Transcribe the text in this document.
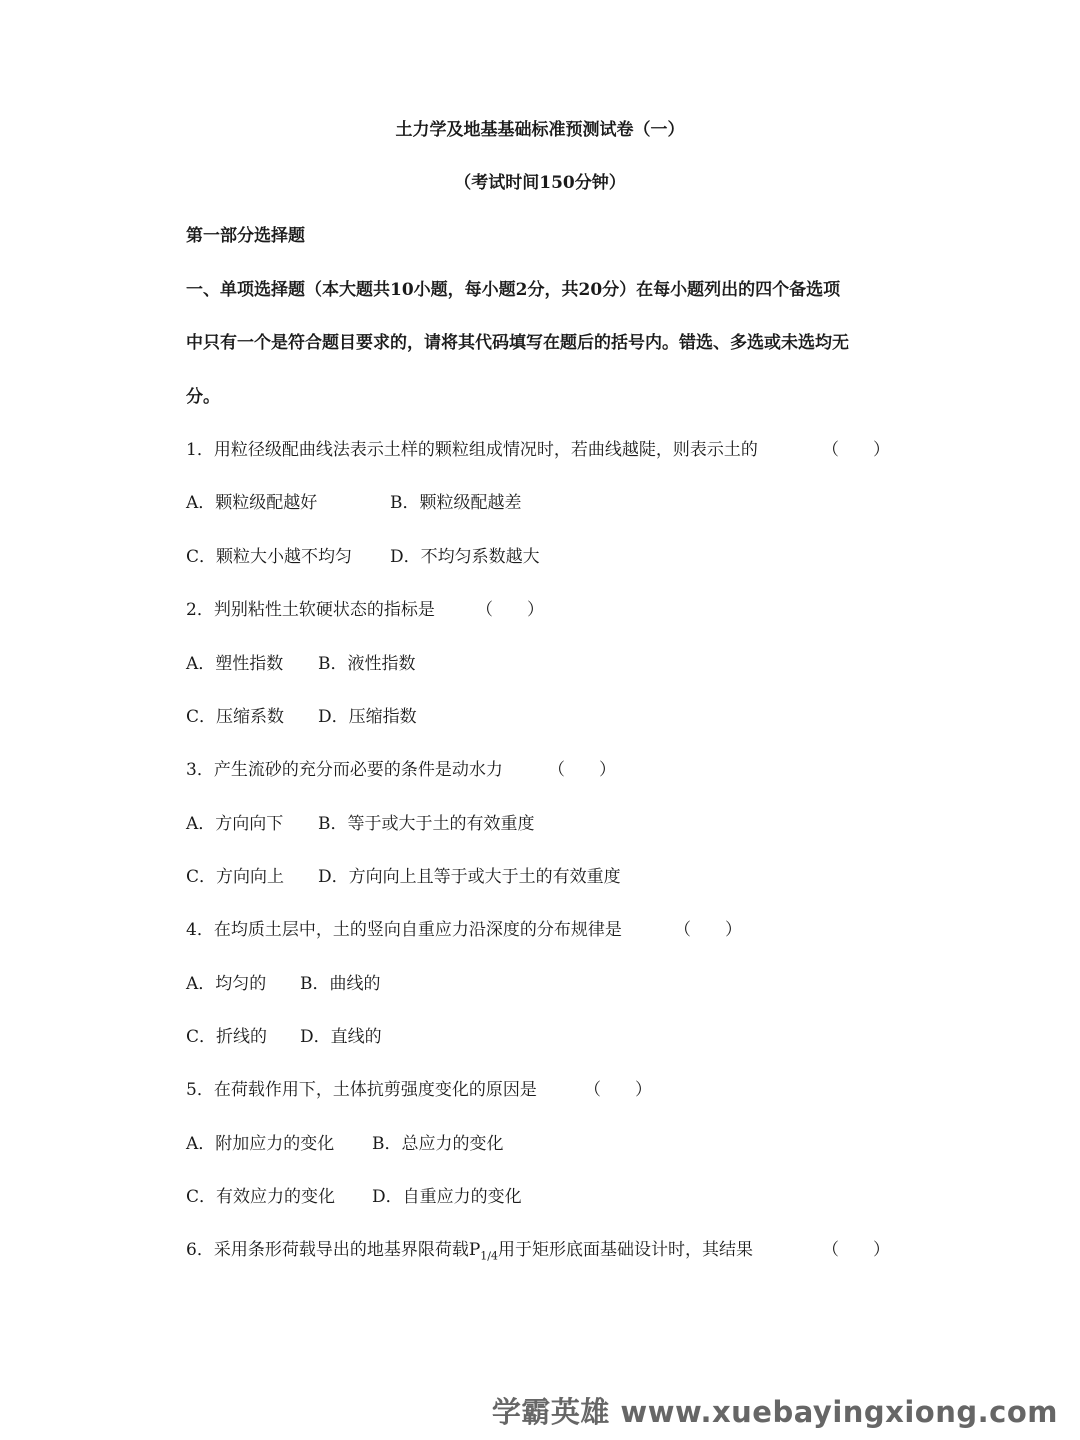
土力学及地基基础标准预测试卷（一）
（考试时间150分钟）
第一部分选择题
一、单项选择题（本大题共10小题，每小题2分，共20分）在每小题列出的四个备选项
中只有一个是符合题目要求的，请将其代码填写在题后的括号内。错选、多选或未选均无
分。
1．用粒径级配曲线法表示土样的颗粒组成情况时，若曲线越陡，则表示土的	（　　）
A．颗粒级配越好	B．颗粒级配越差
C．颗粒大小越不均匀 D．不均匀系数越大
2．判别粘性土软硬状态的指标是 （　　）
A．塑性指数 B．液性指数
C．压缩系数 D．压缩指数
3．产生流砂的充分而必要的条件是动水力	（　　）
A．方向向下 B．等于或大于土的有效重度
C．方向向上 D．方向向上且等于或大于土的有效重度
4．在均质土层中，土的竖向自重应力沿深度的分布规律是	（　　）
A．均匀的 B．曲线的
C．折线的 D．直线的
5．在荷载作用下，土体抗剪强度变化的原因是	（　　）
A．附加应力的变化 B．总应力的变化
C．有效应力的变化 D．自重应力的变化
6．采用条形荷载导出的地基界限荷载$P_{1/4}$用于矩形底面基础设计时，其结果	（　　）
学霸英雄 www.xuebayingxiong.com
